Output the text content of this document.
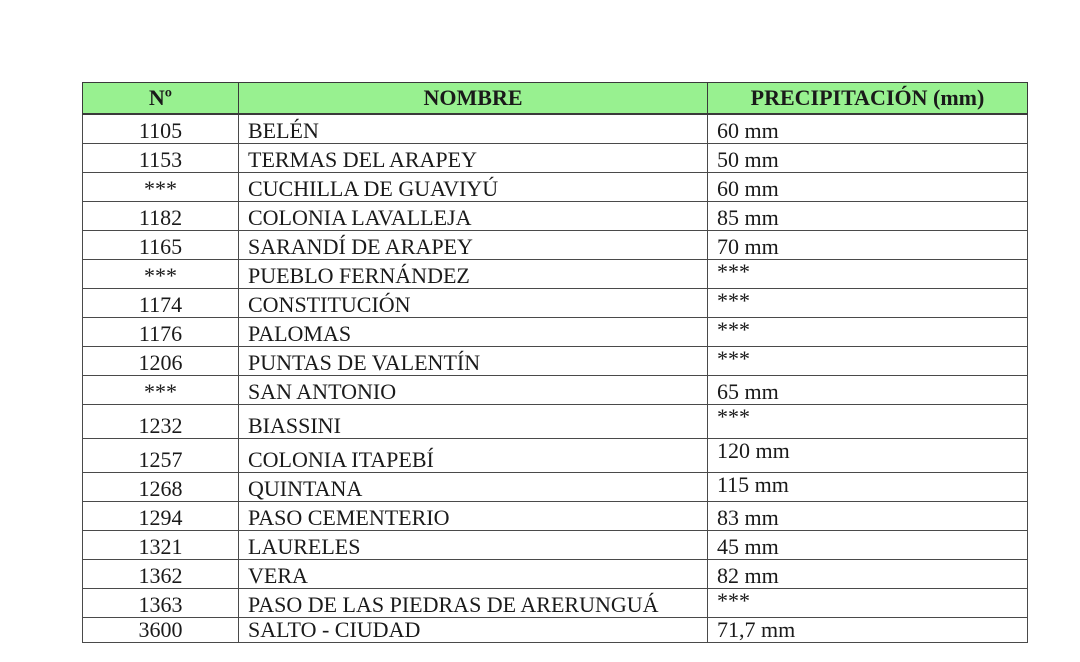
Nº	NOMBRE	PRECIPITACIÓN (mm)
1105	BELÉN	60 mm
1153	TERMAS DEL ARAPEY	50 mm
***	CUCHILLA DE GUAVIYÚ	60 mm
1182	COLONIA LAVALLEJA	85 mm
1165	SARANDÍ DE ARAPEY	70 mm
***	PUEBLO FERNÁNDEZ	***
1174	CONSTITUCIÓN	***
1176	PALOMAS	***
1206	PUNTAS DE VALENTÍN	***
***	SAN ANTONIO	65 mm
1232	BIASSINI	***
1257	COLONIA ITAPEBÍ	120 mm
1268	QUINTANA	115 mm
1294	PASO CEMENTERIO	83 mm
1321	LAURELES	45 mm
1362	VERA	82 mm
1363	PASO DE LAS PIEDRAS DE ARERUNGUÁ	***
3600	SALTO - CIUDAD	71,7 mm
